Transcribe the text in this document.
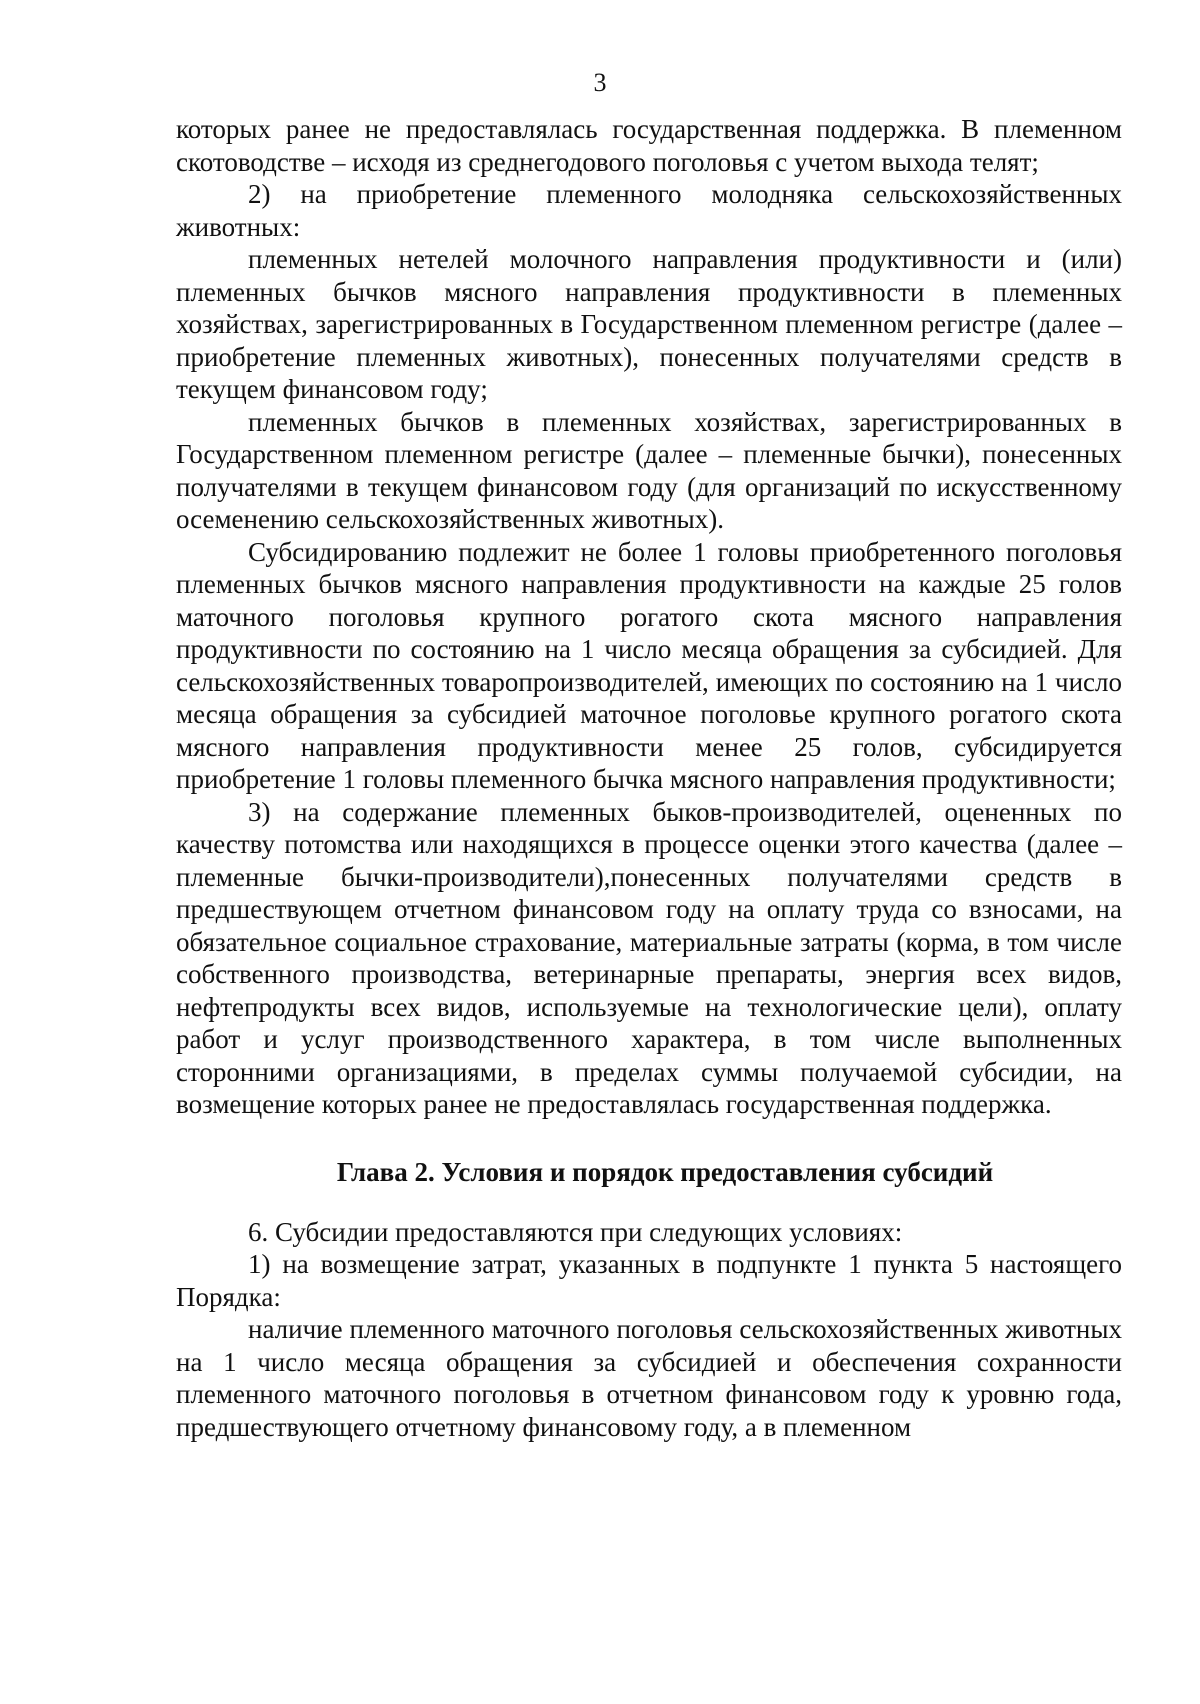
3

которых ранее не предоставлялась государственная поддержка. В племенном скотоводстве – исходя из среднегодового поголовья с учетом выхода телят;

2) на приобретение племенного молодняка сельскохозяйственных животных:

племенных нетелей молочного направления продуктивности и (или) племенных бычков мясного направления продуктивности в племенных хозяйствах, зарегистрированных в Государственном племенном регистре (далее – приобретение племенных животных), понесенных получателями средств в текущем финансовом году;

племенных бычков в племенных хозяйствах, зарегистрированных в Государственном племенном регистре (далее – племенные бычки), понесенных получателями в текущем финансовом году (для организаций по искусственному осеменению сельскохозяйственных животных).

Субсидированию подлежит не более 1 головы приобретенного поголовья племенных бычков мясного направления продуктивности на каждые 25 голов маточного поголовья крупного рогатого скота мясного направления продуктивности по состоянию на 1 число месяца обращения за субсидией. Для сельскохозяйственных товаропроизводителей, имеющих по состоянию на 1 число месяца обращения за субсидией маточное поголовье крупного рогатого скота мясного направления продуктивности менее 25 голов, субсидируется приобретение 1 головы племенного бычка мясного направления продуктивности;

3) на содержание племенных быков-производителей, оцененных по качеству потомства или находящихся в процессе оценки этого качества (далее – племенные бычки-производители),понесенных получателями средств в предшествующем отчетном финансовом году на оплату труда со взносами, на обязательное социальное страхование, материальные затраты (корма, в том числе собственного производства, ветеринарные препараты, энергия всех видов, нефтепродукты всех видов, используемые на технологические цели), оплату работ и услуг производственного характера, в том числе выполненных сторонними организациями, в пределах суммы получаемой субсидии, на возмещение которых ранее не предоставлялась государственная поддержка.

Глава 2. Условия и порядок предоставления субсидий

6. Субсидии предоставляются при следующих условиях:

1) на возмещение затрат, указанных в подпункте 1 пункта 5 настоящего Порядка:

наличие племенного маточного поголовья сельскохозяйственных животных на 1 число месяца обращения за субсидией и обеспечения сохранности племенного маточного поголовья в отчетном финансовом году к уровню года, предшествующего отчетному финансовому году, а в племенном
